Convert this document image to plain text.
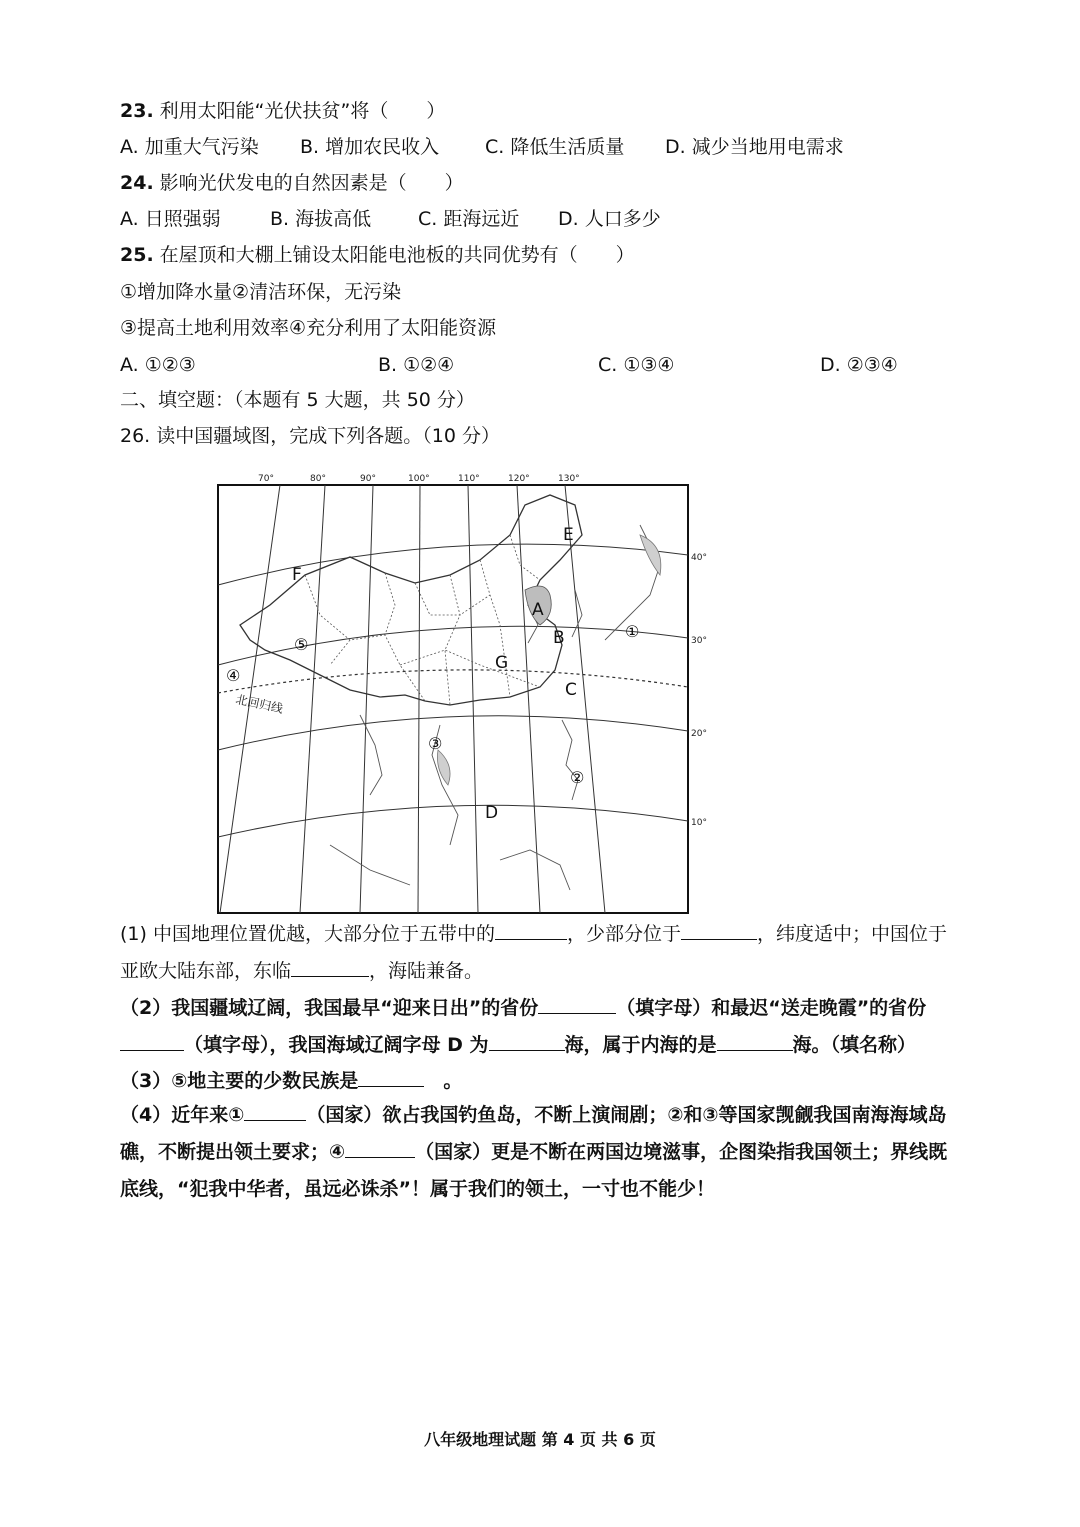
23. 利用太阳能“光伏扶贫”将（　　）
A. 加重大气污染 B. 增加农民收入 C. 降低生活质量 D. 减少当地用电需求
24. 影响光伏发电的自然因素是（　　）
A. 日照强弱	B. 海拔高低 C. 距海远近 D. 人口多少
25. 在屋顶和大棚上铺设太阳能电池板的共同优势有（　　）
①增加降水量②清洁环保，无污染
③提高土地利用效率④充分利用了太阳能资源
A. ①②③	B. ①②④	C. ①③④	D. ②③④
二、填空题：（本题有 5 大题，共 50 分）
26. 读中国疆域图，完成下列各题。（10 分）
70°	80°	90°	100°	110°	120°	130°
40°
30°
20°
10°
北回归线
E
F
A
B
G
C
D
①
②
③
④
⑤
(1) 中国地理位置优越，大部分位于五带中的	，少部分位于	，纬度适中；中国位于亚欧大陆东部，东临	，海陆兼备。
（2）我国疆域辽阔，我国最早“迎来日出”的省份	（填字母）和最迟“送走晚霞”的省份（填字母），我国海域辽阔字母 D 为	海，属于内海的是	海。（填名称）
（3）⑤地主要的少数民族是　	。
（4）近年来①	（国家）欲占我国钓鱼岛，不断上演闹剧；②和③等国家觊觎我国南海海域岛礁，不断提出领土要求；④	（国家）更是不断在两国边境滋事，企图染指我国领土；界线既底线，“犯我中华者，虽远必诛杀”！属于我们的领土，一寸也不能少！
八年级地理试题 第 4 页 共 6 页
